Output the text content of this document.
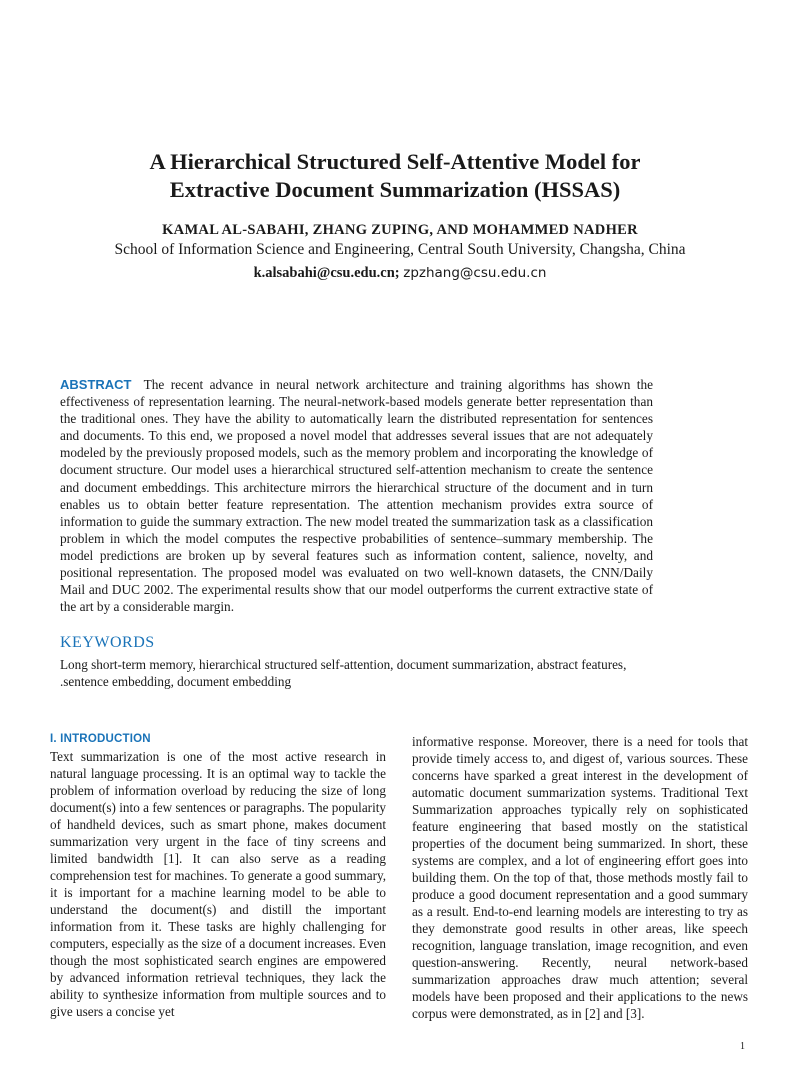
A Hierarchical Structured Self-Attentive Model for
Extractive Document Summarization (HSSAS)
KAMAL AL-SABAHI, ZHANG ZUPING, AND MOHAMMED NADHER
School of Information Science and Engineering, Central South University, Changsha, China
k.alsabahi@csu.edu.cn; zpzhang@csu.edu.cn
ABSTRACT The recent advance in neural network architecture and training algorithms has shown the effectiveness of representation learning. The neural-network-based models generate better representation than the traditional ones. They have the ability to automatically learn the distributed representation for sentences and documents. To this end, we proposed a novel model that addresses several issues that are not adequately modeled by the previously proposed models, such as the memory problem and incorporating the knowledge of document structure. Our model uses a hierarchical structured self-attention mechanism to create the sentence and document embeddings. This architecture mirrors the hierarchical structure of the document and in turn enables us to obtain better feature representation. The attention mechanism provides extra source of information to guide the summary extraction. The new model treated the summarization task as a classification problem in which the model computes the respective probabilities of sentence–summary membership. The model predictions are broken up by several features such as information content, salience, novelty, and positional representation. The proposed model was evaluated on two well-known datasets, the CNN/Daily Mail and DUC 2002. The experimental results show that our model outperforms the current extractive state of the art by a considerable margin.
KEYWORDS
Long short-term memory, hierarchical structured self-attention, document summarization, abstract features, .sentence embedding, document embedding
I. INTRODUCTION
Text summarization is one of the most active research in natural language processing. It is an optimal way to tackle the problem of information overload by reducing the size of long document(s) into a few sentences or paragraphs. The popularity of handheld devices, such as smart phone, makes document summarization very urgent in the face of tiny screens and limited bandwidth [1]. It can also serve as a reading comprehension test for machines. To generate a good summary, it is important for a machine learning model to be able to understand the document(s) and distill the important information from it. These tasks are highly challenging for computers, especially as the size of a document increases. Even though the most sophisticated search engines are empowered by advanced information retrieval techniques, they lack the ability to synthesize information from multiple sources and to give users a concise yet
informative response. Moreover, there is a need for tools that provide timely access to, and digest of, various sources. These concerns have sparked a great interest in the development of automatic document summarization systems. Traditional Text Summarization approaches typically rely on sophisticated feature engineering that based mostly on the statistical properties of the document being summarized. In short, these systems are complex, and a lot of engineering effort goes into building them. On the top of that, those methods mostly fail to produce a good document representation and a good summary as a result. End-to-end learning models are interesting to try as they demonstrate good results in other areas, like speech recognition, language translation, image recognition, and even question-answering. Recently, neural network-based summarization approaches draw much attention; several models have been proposed and their applications to the news corpus were demonstrated, as in [2] and [3].
1
